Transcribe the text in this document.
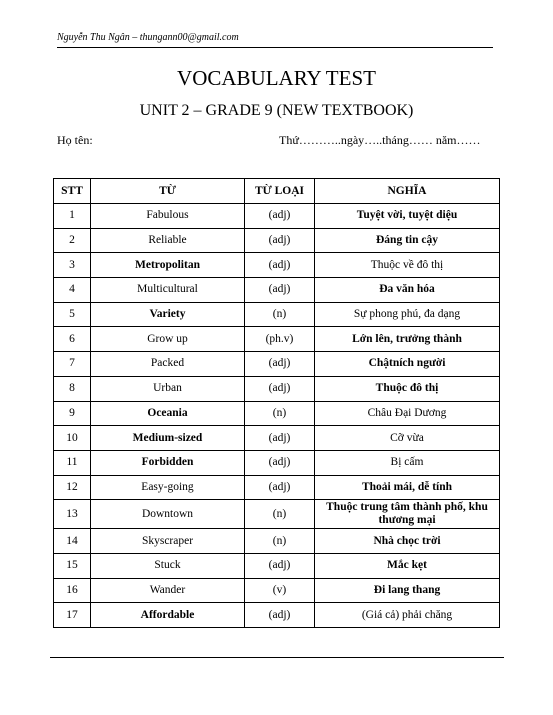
Nguyễn Thu Ngân – thungann00@gmail.com
VOCABULARY TEST
UNIT 2 – GRADE 9 (NEW TEXTBOOK)
Họ tên:	Thứ………..ngày…..tháng…… năm……
STT	TỪ	TỪ LOẠI	NGHĨA
1	Fabulous	(adj)	Tuyệt vời, tuyệt diệu
2	Reliable	(adj)	Đáng tin cậy
3	Metropolitan	(adj)	Thuộc về đô thị
4	Multicultural	(adj)	Đa văn hóa
5	Variety	(n)	Sự phong phú, đa dạng
6	Grow up	(ph.v)	Lớn lên, trưởng thành
7	Packed	(adj)	Chậtních người
8	Urban	(adj)	Thuộc đô thị
9	Oceania	(n)	Châu Đại Dương
10	Medium-sized	(adj)	Cỡ vừa
11	Forbidden	(adj)	Bị cấm
12	Easy-going	(adj)	Thoải mái, dễ tính
13	Downtown	(n)	Thuộc trung tâm thành phố, khu thương mại
14	Skyscraper	(n)	Nhà chọc trời
15	Stuck	(adj)	Mắc kẹt
16	Wander	(v)	Đi lang thang
17	Affordable	(adj)	(Giá cả) phải chăng
